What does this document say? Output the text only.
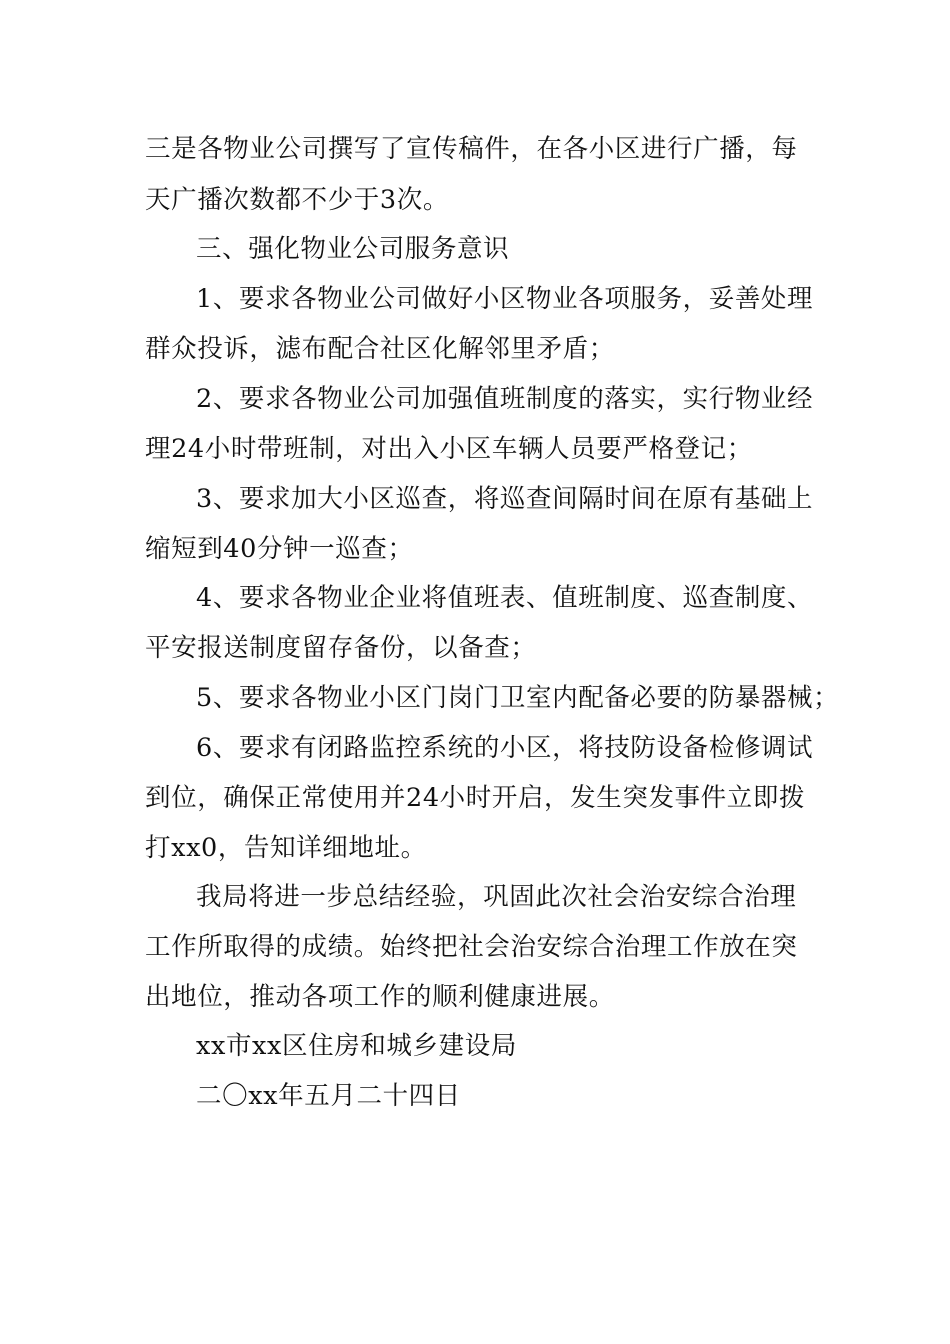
三是各物业公司撰写了宣传稿件，在各小区进行广播，每
天广播次数都不少于3次。
三、强化物业公司服务意识
1、要求各物业公司做好小区物业各项服务，妥善处理
群众投诉，滤布配合社区化解邻里矛盾；
2、要求各物业公司加强值班制度的落实，实行物业经
理24小时带班制，对出入小区车辆人员要严格登记；
3、要求加大小区巡查，将巡查间隔时间在原有基础上
缩短到40分钟一巡查；
4、要求各物业企业将值班表、值班制度、巡查制度、
平安报送制度留存备份，以备查；
5、要求各物业小区门岗门卫室内配备必要的防暴器械；
6、要求有闭路监控系统的小区，将技防设备检修调试
到位，确保正常使用并24小时开启，发生突发事件立即拨
打xx0，告知详细地址。
我局将进一步总结经验，巩固此次社会治安综合治理
工作所取得的成绩。始终把社会治安综合治理工作放在突
出地位，推动各项工作的顺利健康进展。
xx市xx区住房和城乡建设局
二〇xx年五月二十四日
